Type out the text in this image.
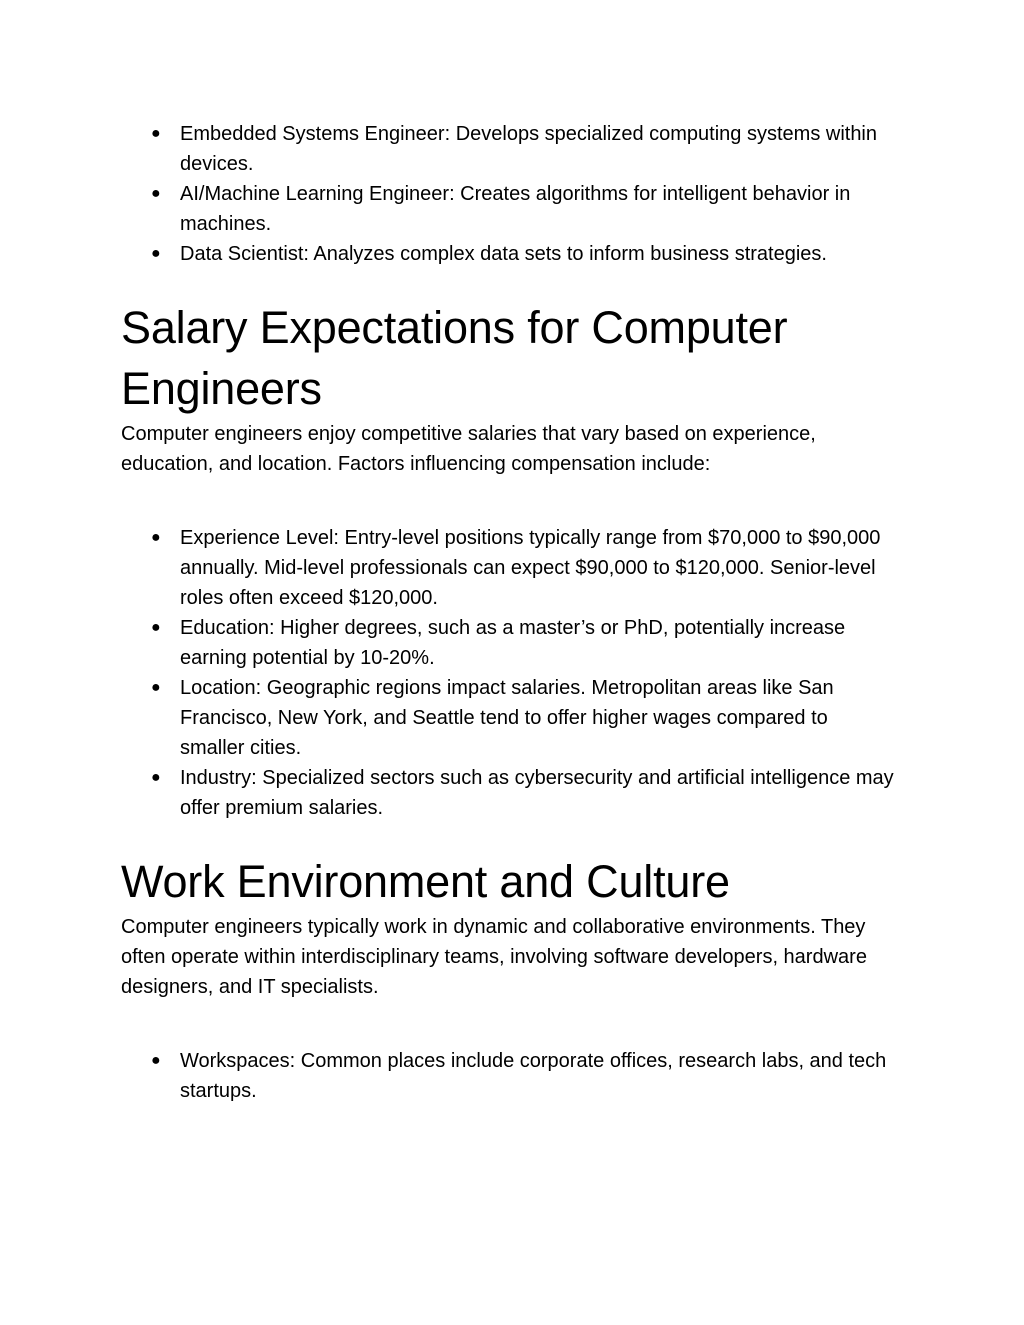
● Embedded Systems Engineer: Develops specialized computing systems within devices.
● AI/Machine Learning Engineer: Creates algorithms for intelligent behavior in machines.
● Data Scientist: Analyzes complex data sets to inform business strategies.
Salary Expectations for Computer Engineers

Computer engineers enjoy competitive salaries that vary based on experience, education, and location. Factors influencing compensation include:

● Experience Level: Entry-level positions typically range from $70,000 to $90,000 annually. Mid-level professionals can expect $90,000 to $120,000. Senior-level roles often exceed $120,000.
● Education: Higher degrees, such as a master’s or PhD, potentially increase earning potential by 10-20%.
● Location: Geographic regions impact salaries. Metropolitan areas like San Francisco, New York, and Seattle tend to offer higher wages compared to smaller cities.
● Industry: Specialized sectors such as cybersecurity and artificial intelligence may offer premium salaries.
Work Environment and Culture

Computer engineers typically work in dynamic and collaborative environments. They often operate within interdisciplinary teams, involving software developers, hardware designers, and IT specialists.

● Workspaces: Common places include corporate offices, research labs, and tech startups.
